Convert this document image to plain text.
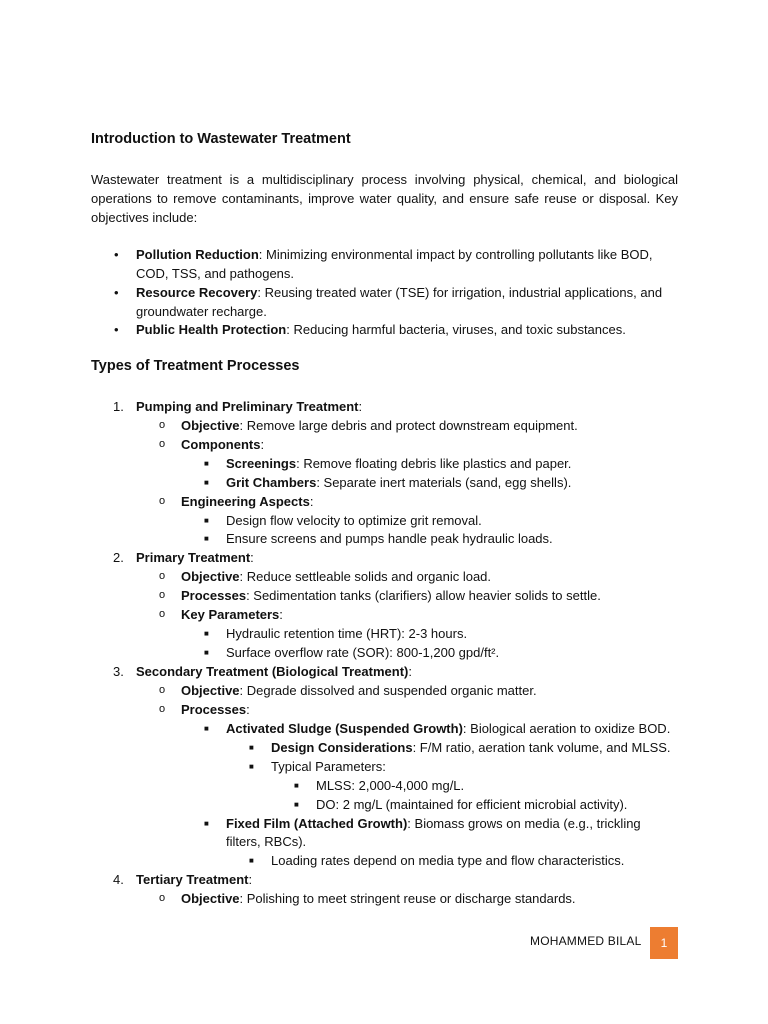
Introduction to Wastewater Treatment
Wastewater treatment is a multidisciplinary process involving physical, chemical, and biological operations to remove contaminants, improve water quality, and ensure safe reuse or disposal. Key objectives include:
• Pollution Reduction: Minimizing environmental impact by controlling pollutants like BOD,
COD, TSS, and pathogens.
• Resource Recovery: Reusing treated water (TSE) for irrigation, industrial applications, and
groundwater recharge.
• Public Health Protection: Reducing harmful bacteria, viruses, and toxic substances.
Types of Treatment Processes
1. Pumping and Preliminary Treatment:
o Objective: Remove large debris and protect downstream equipment.
o Components:
■ Screenings: Remove floating debris like plastics and paper.
■ Grit Chambers: Separate inert materials (sand, egg shells).
o Engineering Aspects:
■ Design flow velocity to optimize grit removal.
■ Ensure screens and pumps handle peak hydraulic loads.
2. Primary Treatment:
o Objective: Reduce settleable solids and organic load.
o Processes: Sedimentation tanks (clarifiers) allow heavier solids to settle.
o Key Parameters:
■ Hydraulic retention time (HRT): 2-3 hours.
■ Surface overflow rate (SOR): 800-1,200 gpd/ft².
3. Secondary Treatment (Biological Treatment):
o Objective: Degrade dissolved and suspended organic matter.
o Processes:
■ Activated Sludge (Suspended Growth): Biological aeration to oxidize BOD.
■ Design Considerations: F/M ratio, aeration tank volume, and MLSS.
■ Typical Parameters:
■ MLSS: 2,000-4,000 mg/L.
■ DO: 2 mg/L (maintained for efficient microbial activity).
■ Fixed Film (Attached Growth): Biomass grows on media (e.g., trickling
filters, RBCs).
■ Loading rates depend on media type and flow characteristics.
4. Tertiary Treatment:
o Objective: Polishing to meet stringent reuse or discharge standards.
MOHAMMED BILAL	1
